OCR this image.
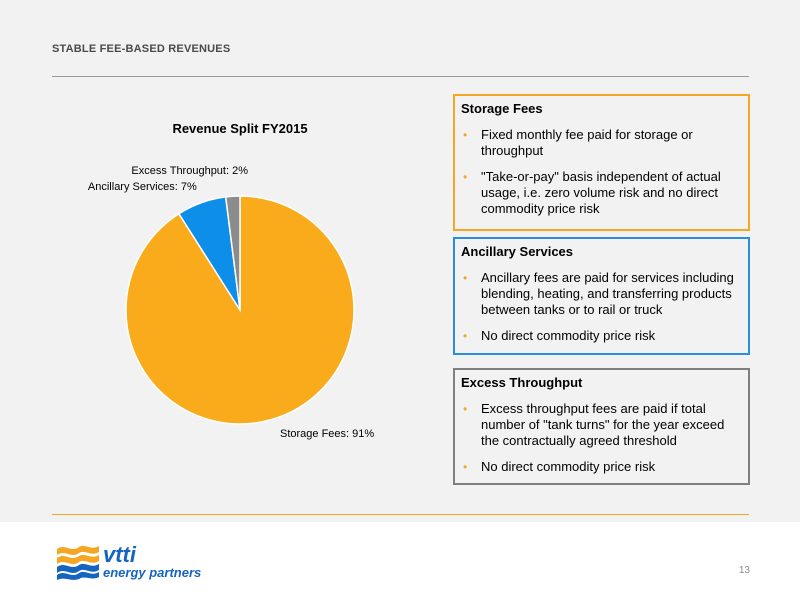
STABLE FEE-BASED REVENUES
Revenue Split FY2015
Storage Fees: 91%
Ancillary Services: 7%
Excess Throughput: 2%
Storage Fees
• Fixed monthly fee paid for storage or throughput
• "Take-or-pay" basis independent of actual usage, i.e. zero volume risk and no direct commodity price risk
Ancillary Services
• Ancillary fees are paid for services including blending, heating, and transferring products between tanks or to rail or truck
• No direct commodity price risk
Excess Throughput
• Excess throughput fees are paid if total number of "tank turns" for the year exceed the contractually agreed threshold
• No direct commodity price risk
vtti
energy partners	13
